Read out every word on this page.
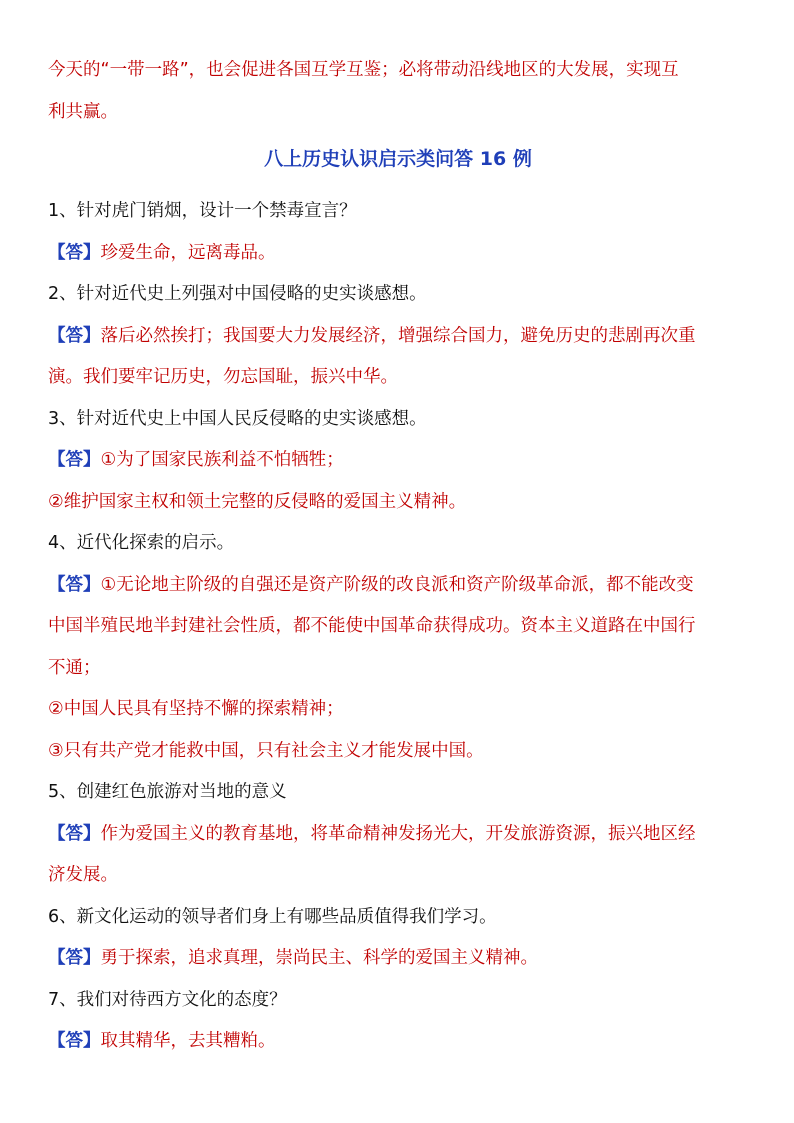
今天的“一带一路”，也会促进各国互学互鉴；必将带动沿线地区的大发展，实现互

利共赢。

八上历史认识启示类问答 16 例

1、针对虎门销烟，设计一个禁毒宣言？

【答】珍爱生命，远离毒品。

2、针对近代史上列强对中国侵略的史实谈感想。

【答】落后必然挨打；我国要大力发展经济，增强综合国力，避免历史的悲剧再次重

演。我们要牢记历史，勿忘国耻，振兴中华。

3、针对近代史上中国人民反侵略的史实谈感想。

【答】①为了国家民族利益不怕牺牲；

②维护国家主权和领土完整的反侵略的爱国主义精神。

4、近代化探索的启示。

【答】①无论地主阶级的自强还是资产阶级的改良派和资产阶级革命派，都不能改变

中国半殖民地半封建社会性质，都不能使中国革命获得成功。资本主义道路在中国行

不通；

②中国人民具有坚持不懈的探索精神；

③只有共产党才能救中国，只有社会主义才能发展中国。

5、创建红色旅游对当地的意义

【答】作为爱国主义的教育基地，将革命精神发扬光大，开发旅游资源，振兴地区经

济发展。

6、新文化运动的领导者们身上有哪些品质值得我们学习。

【答】勇于探索，追求真理，崇尚民主、科学的爱国主义精神。

7、我们对待西方文化的态度？

【答】取其精华，去其糟粕。
